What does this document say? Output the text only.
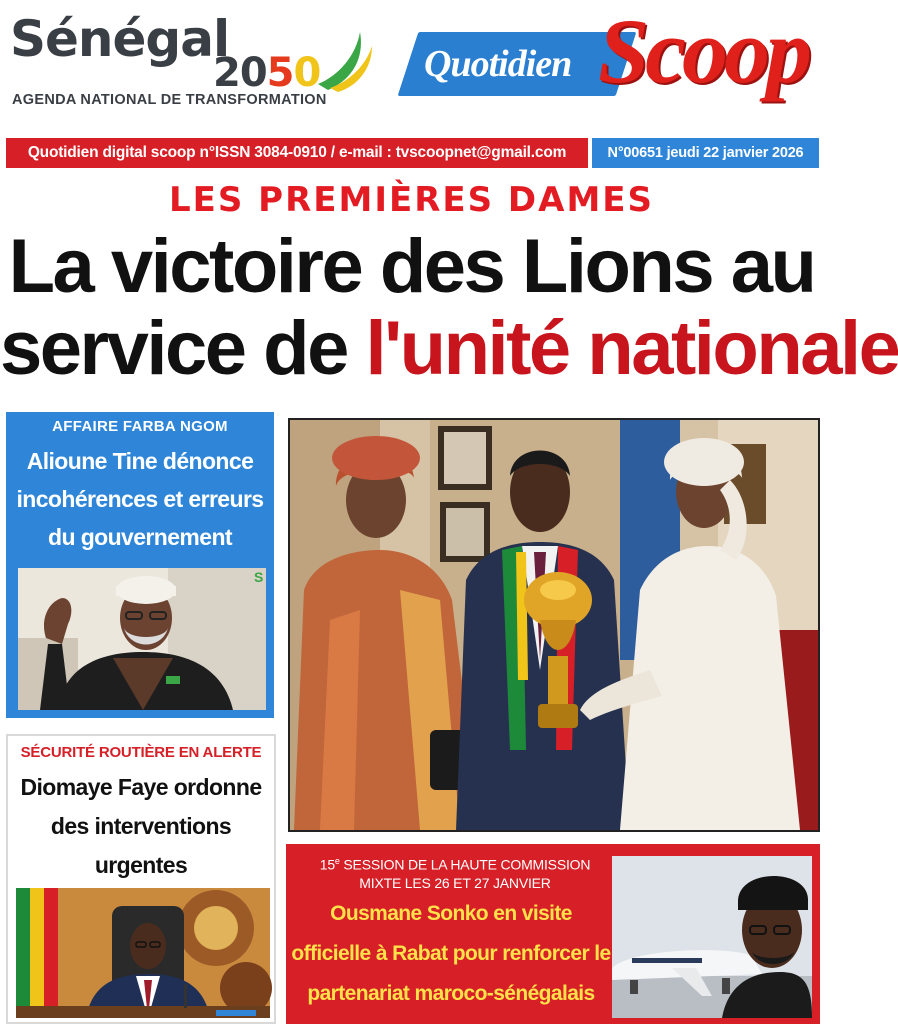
Sénégal
2050
AGENDA NATIONAL DE TRANSFORMATION
Quotidien Scoop
Quotidien digital scoop n°ISSN 3084-0910 / e-mail : tvscoopnet@gmail.com	N°00651 jeudi 22 janvier 2026
LES PREMIÈRES DAMES
La victoire des Lions au
service de l'unité nationale
AFFAIRE FARBA NGOM
Alioune Tine dénonce incohérences et erreurs du gouvernement
S
SÉCURITÉ ROUTIÈRE EN ALERTE
Diomaye Faye ordonne des interventions urgentes	15e SESSION DE LA HAUTE COMMISSION MIXTE LES 26 ET 27 JANVIER
Ousmane Sonko en visite officielle à Rabat pour renforcer le partenariat maroco-sénégalais
